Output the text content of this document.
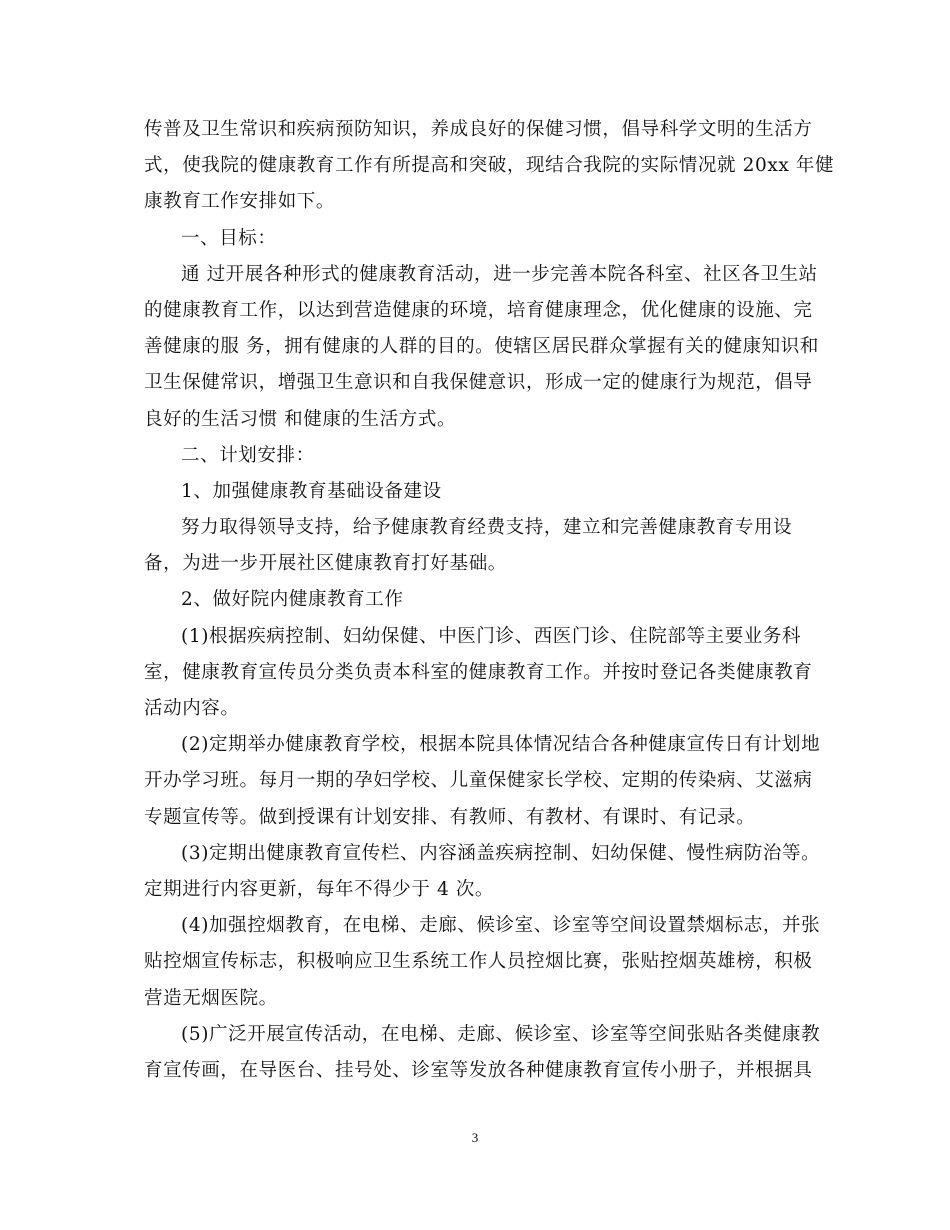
传普及卫生常识和疾病预防知识，养成良好的保健习惯，倡导科学文明的生活方
式，使我院的健康教育工作有所提高和突破，现结合我院的实际情况就 20xx 年健
康教育工作安排如下。
一、目标：
通 过开展各种形式的健康教育活动，进一步完善本院各科室、社区各卫生站
的健康教育工作，以达到营造健康的环境，培育健康理念，优化健康的设施、完
善健康的服 务，拥有健康的人群的目的。使辖区居民群众掌握有关的健康知识和
卫生保健常识，增强卫生意识和自我保健意识，形成一定的健康行为规范，倡导
良好的生活习惯 和健康的生活方式。
二、计划安排：
1、加强健康教育基础设备建设
努力取得领导支持，给予健康教育经费支持，建立和完善健康教育专用设
备，为进一步开展社区健康教育打好基础。
2、做好院内健康教育工作
(1)根据疾病控制、妇幼保健、中医门诊、西医门诊、住院部等主要业务科
室，健康教育宣传员分类负责本科室的健康教育工作。并按时登记各类健康教育
活动内容。
(2)定期举办健康教育学校，根据本院具体情况结合各种健康宣传日有计划地
开办学习班。每月一期的孕妇学校、儿童保健家长学校、定期的传染病、艾滋病
专题宣传等。做到授课有计划安排、有教师、有教材、有课时、有记录。
(3)定期出健康教育宣传栏、内容涵盖疾病控制、妇幼保健、慢性病防治等。
定期进行内容更新，每年不得少于 4 次。
(4)加强控烟教育，在电梯、走廊、候诊室、诊室等空间设置禁烟标志，并张
贴控烟宣传标志，积极响应卫生系统工作人员控烟比赛，张贴控烟英雄榜，积极
营造无烟医院。
(5)广泛开展宣传活动，在电梯、走廊、候诊室、诊室等空间张贴各类健康教
育宣传画，在导医台、挂号处、诊室等发放各种健康教育宣传小册子，并根据具
3
